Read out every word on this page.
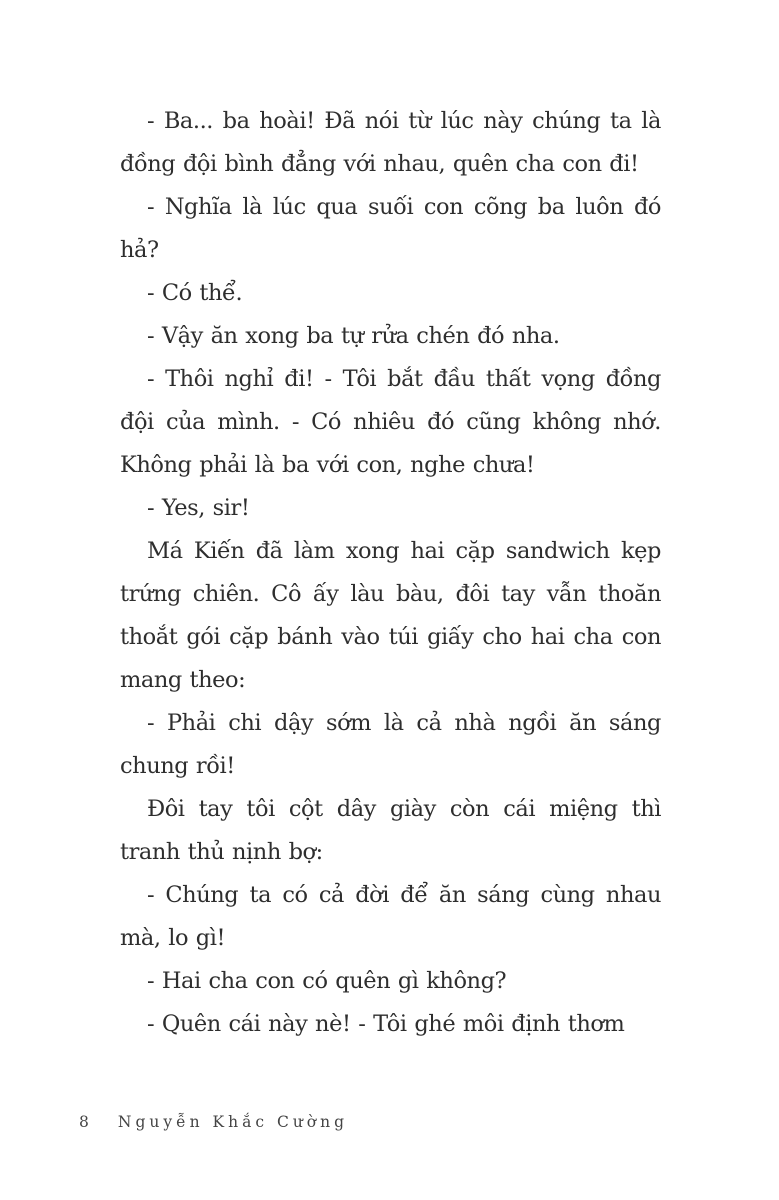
- Ba... ba hoài! Đã nói từ lúc này chúng ta là đồng đội bình đẳng với nhau, quên cha con đi!

- Nghĩa là lúc qua suối con cõng ba luôn đó hả?

- Có thể.

- Vậy ăn xong ba tự rửa chén đó nha.

- Thôi nghỉ đi! - Tôi bắt đầu thất vọng đồng đội của mình. - Có nhiêu đó cũng không nhớ. Không phải là ba với con, nghe chưa!

- Yes, sir!

Má Kiến đã làm xong hai cặp sandwich kẹp trứng chiên. Cô ấy làu bàu, đôi tay vẫn thoăn thoắt gói cặp bánh vào túi giấy cho hai cha con mang theo:

- Phải chi dậy sớm là cả nhà ngồi ăn sáng chung rồi!

Đôi tay tôi cột dây giày còn cái miệng thì tranh thủ nịnh bợ:

- Chúng ta có cả đời để ăn sáng cùng nhau mà, lo gì!

- Hai cha con có quên gì không?

- Quên cái này nè! - Tôi ghé môi định thơm

8 Nguyễn Khắc Cường
